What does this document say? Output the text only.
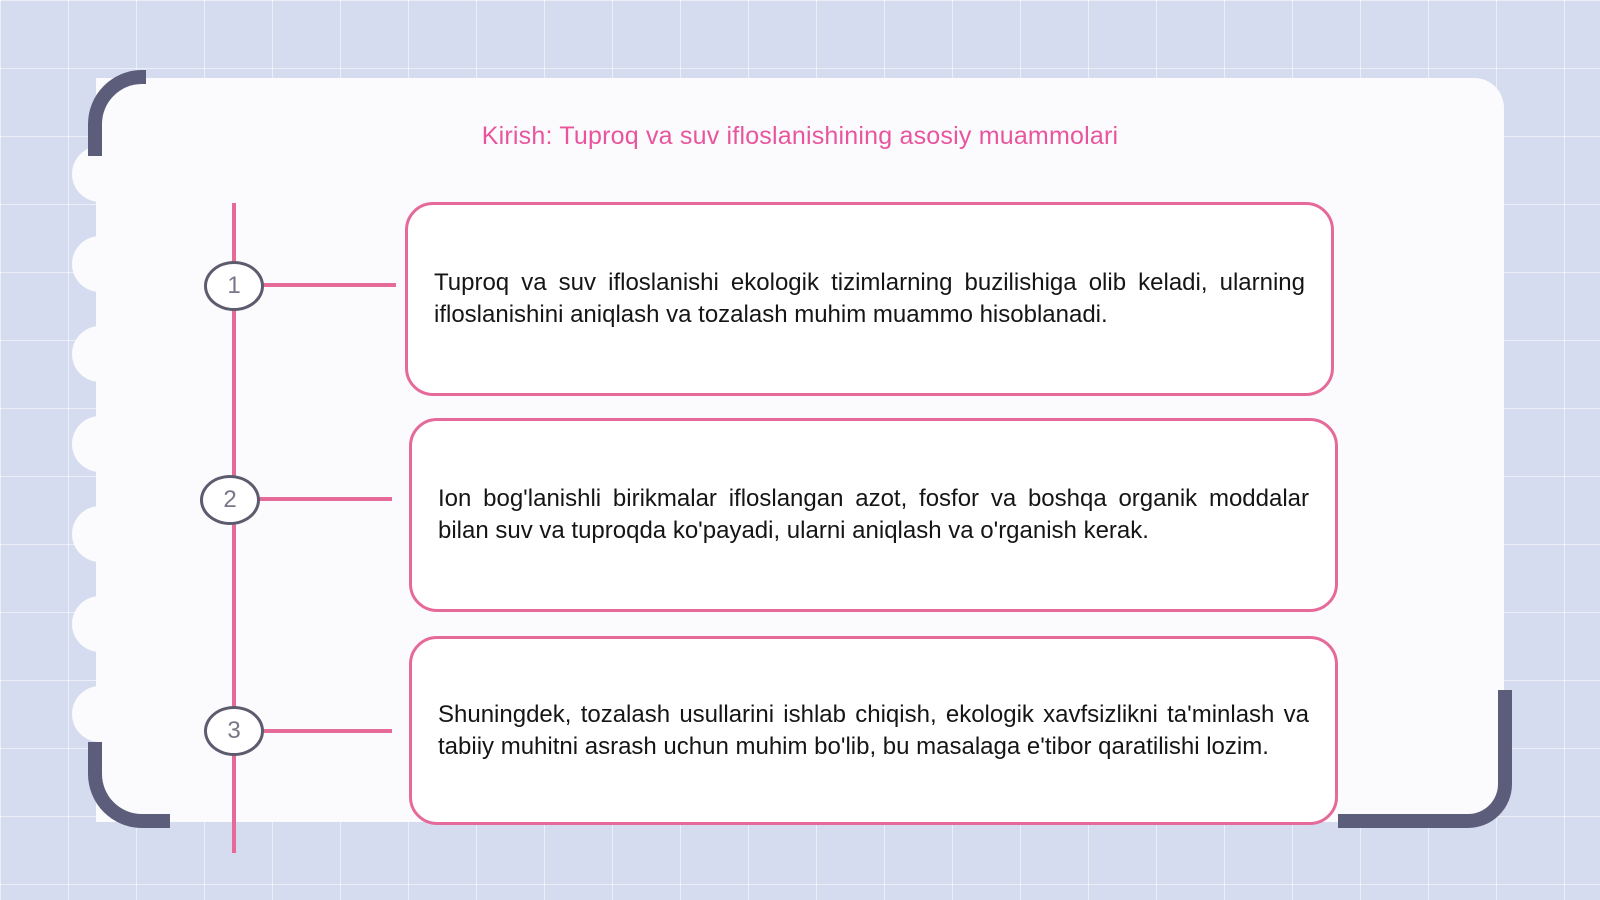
Kirish: Tuproq va suv ifloslanishining asosiy muammolari
1
2
3

Tuproq va suv ifloslanishi ekologik tizimlarning buzilishiga olib keladi, ularning ifloslanishini aniqlash va tozalash muhim muammo hisoblanadi.

Ion bog'lanishli birikmalar ifloslangan azot, fosfor va boshqa organik moddalar bilan suv va tuproqda ko'payadi, ularni aniqlash va o'rganish kerak.

Shuningdek, tozalash usullarini ishlab chiqish, ekologik xavfsizlikni ta'minlash va tabiiy muhitni asrash uchun muhim bo'lib, bu masalaga e'tibor qaratilishi lozim.
